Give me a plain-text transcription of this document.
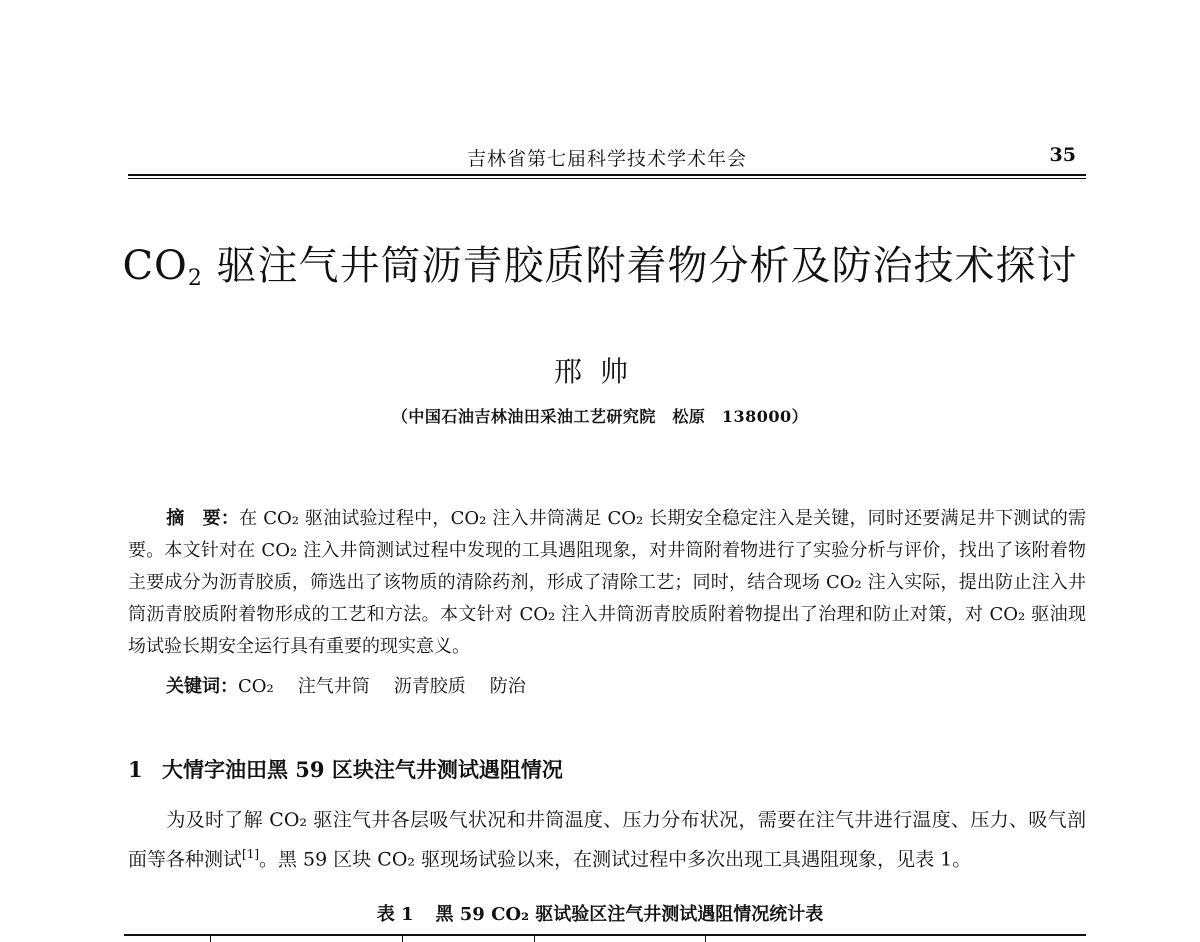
吉林省第七届科学技术学术年会	35
$CO_2$ 驱注气井筒沥青胶质附着物分析及防治技术探讨
邢帅
（中国石油吉林油田采油工艺研究院　松原　138000）
摘　要：在 CO₂ 驱油试验过程中，CO₂ 注入井筒满足 CO₂ 长期安全稳定注入是关键，同时还要满足井下测试的需要。本文针对在 CO₂ 注入井筒测试过程中发现的工具遇阻现象，对井筒附着物进行了实验分析与评价，找出了该附着物主要成分为沥青胶质，筛选出了该物质的清除药剂，形成了清除工艺；同时，结合现场 CO₂ 注入实际，提出防止注入井筒沥青胶质附着物形成的工艺和方法。本文针对 CO₂ 注入井筒沥青胶质附着物提出了治理和防止对策，对 CO₂ 驱油现场试验长期安全运行具有重要的现实意义。
关键词：CO₂ 注气井筒 沥青胶质 防治
1 大情字油田黑 59 区块注气井测试遇阻情况
为及时了解 CO₂ 驱注气井各层吸气状况和井筒温度、压力分布状况，需要在注气井进行温度、压力、吸气剖面等各种测试[1]。黑 59 区块 CO₂ 驱现场试验以来，在测试过程中多次出现工具遇阻现象，见表 1。
表 1 黑 59 CO₂ 驱试验区注气井测试遇阻情况统计表
